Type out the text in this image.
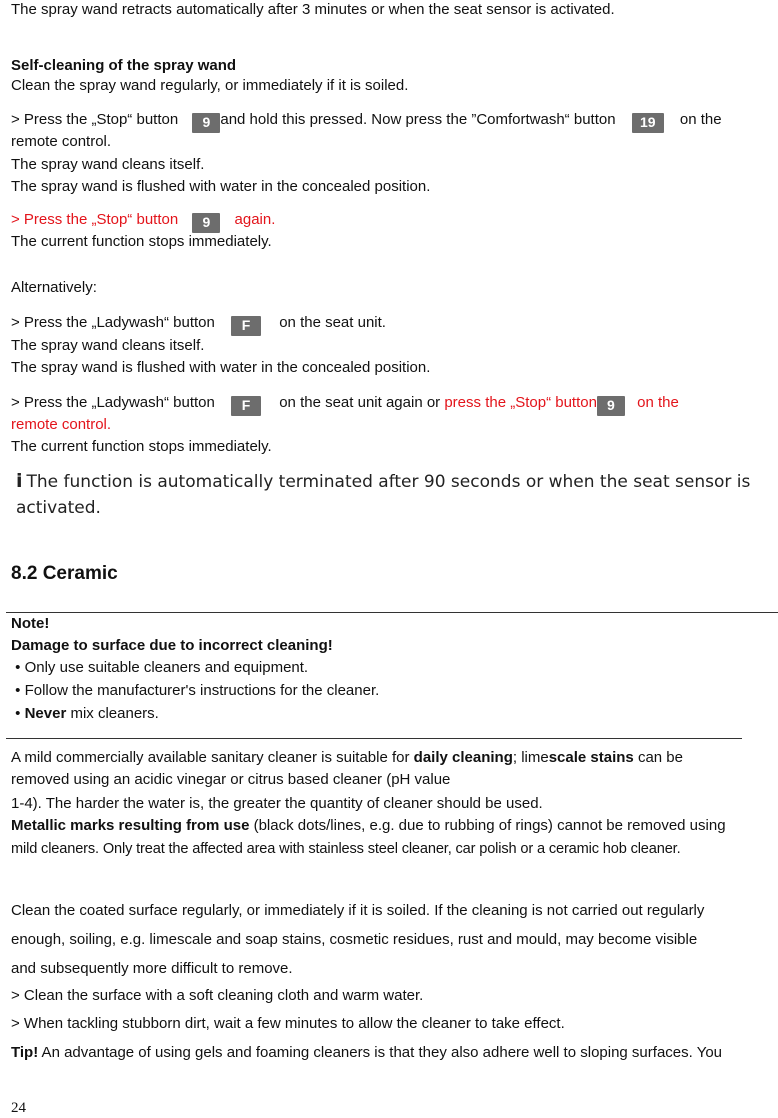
The spray wand retracts automatically after 3 minutes or when the seat sensor is activated.
Self-cleaning of the spray wand
Clean the spray wand regularly, or immediately if it is soiled.
> Press the „Stop“ button 9 and hold this pressed. Now press the ”Comfortwash“ button 19 on the
remote control.
The spray wand cleans itself.
The spray wand is flushed with water in the concealed position.
> Press the „Stop“ button 9 again.
The current function stops immediately.
Alternatively:
> Press the „Ladywash“ button F on the seat unit.
The spray wand cleans itself.
The spray wand is flushed with water in the concealed position.
> Press the „Ladywash“ button F on the seat unit again or press the „Stop“ button 9 on the
remote control.
The current function stops immediately.
i The function is automatically terminated after 90 seconds or when the seat sensor is activated.
8.2 Ceramic
Note!
Damage to surface due to incorrect cleaning!
• Only use suitable cleaners and equipment.
• Follow the manufacturer's instructions for the cleaner.
• Never mix cleaners.
A mild commercially available sanitary cleaner is suitable for daily cleaning; limescale stains can be
removed using an acidic vinegar or citrus based cleaner (pH value
1-4). The harder the water is, the greater the quantity of cleaner should be used.
Metallic marks resulting from use (black dots/lines, e.g. due to rubbing of rings) cannot be removed using
mild cleaners. Only treat the affected area with stainless steel cleaner, car polish or a ceramic hob cleaner.
Clean the coated surface regularly, or immediately if it is soiled. If the cleaning is not carried out regularly
enough, soiling, e.g. limescale and soap stains, cosmetic residues, rust and mould, may become visible
and subsequently more difficult to remove.
> Clean the surface with a soft cleaning cloth and warm water.
> When tackling stubborn dirt, wait a few minutes to allow the cleaner to take effect.
Tip! An advantage of using gels and foaming cleaners is that they also adhere well to sloping surfaces. You
24
